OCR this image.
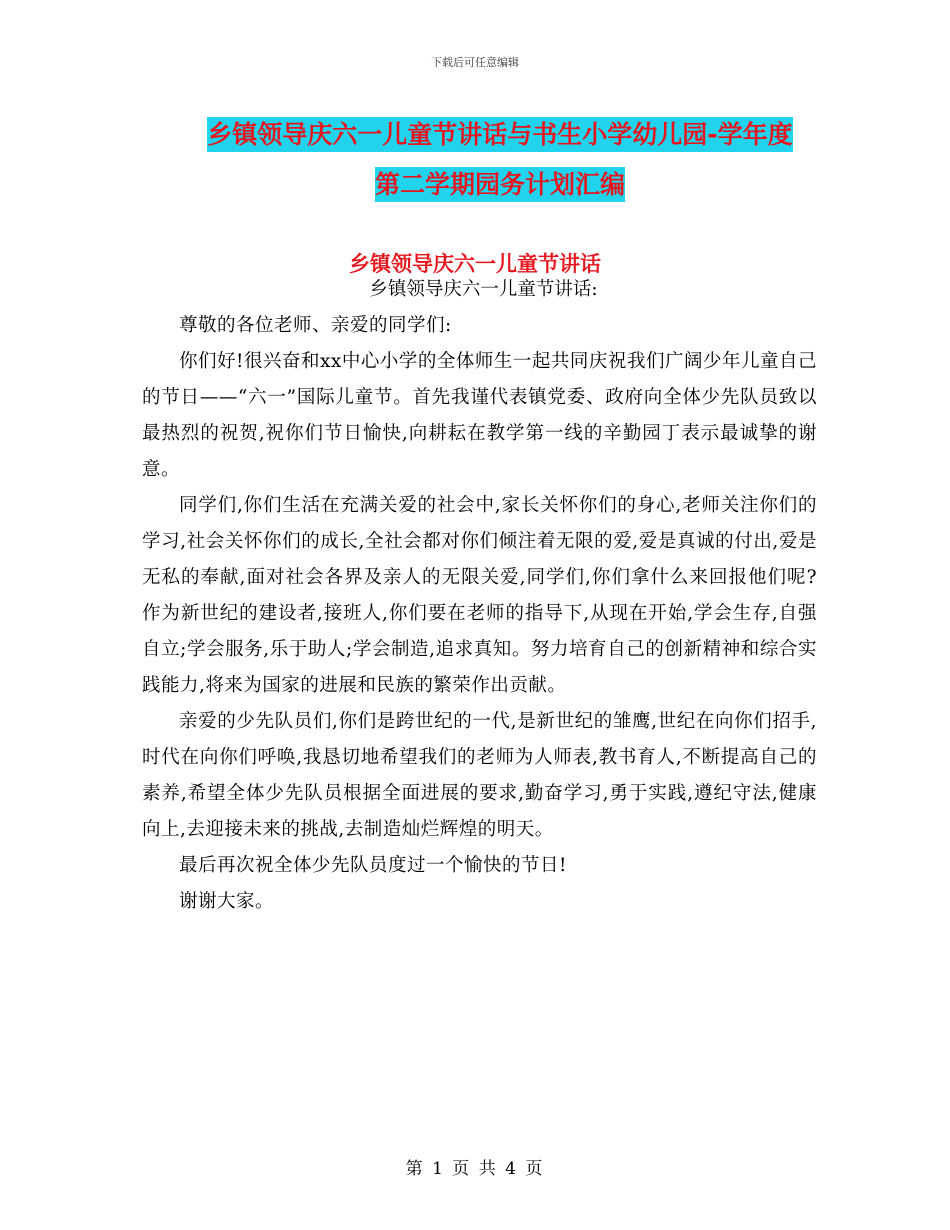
下载后可任意编辑
乡镇领导庆六一儿童节讲话与书生小学幼儿园-学年度
第二学期园务计划汇编
乡镇领导庆六一儿童节讲话

乡镇领导庆六一儿童节讲话:

尊敬的各位老师、亲爱的同学们:

你们好!很兴奋和xx中心小学的全体师生一起共同庆祝我们广阔少年儿童自己的节日——“六一”国际儿童节。首先我谨代表镇党委、政府向全体少先队员致以最热烈的祝贺,祝你们节日愉快,向耕耘在教学第一线的辛勤园丁表示最诚挚的谢意。

同学们,你们生活在充满关爱的社会中,家长关怀你们的身心,老师关注你们的学习,社会关怀你们的成长,全社会都对你们倾注着无限的爱,爱是真诚的付出,爱是无私的奉献,面对社会各界及亲人的无限关爱,同学们,你们拿什么来回报他们呢?作为新世纪的建设者,接班人,你们要在老师的指导下,从现在开始,学会生存,自强自立;学会服务,乐于助人;学会制造,追求真知。努力培育自己的创新精神和综合实践能力,将来为国家的进展和民族的繁荣作出贡献。

亲爱的少先队员们,你们是跨世纪的一代,是新世纪的雏鹰,世纪在向你们招手,时代在向你们呼唤,我恳切地希望我们的老师为人师表,教书育人,不断提高自己的素养,希望全体少先队员根据全面进展的要求,勤奋学习,勇于实践,遵纪守法,健康向上,去迎接未来的挑战,去制造灿烂辉煌的明天。

最后再次祝全体少先队员度过一个愉快的节日!

谢谢大家。

第 1 页 共 4 页
